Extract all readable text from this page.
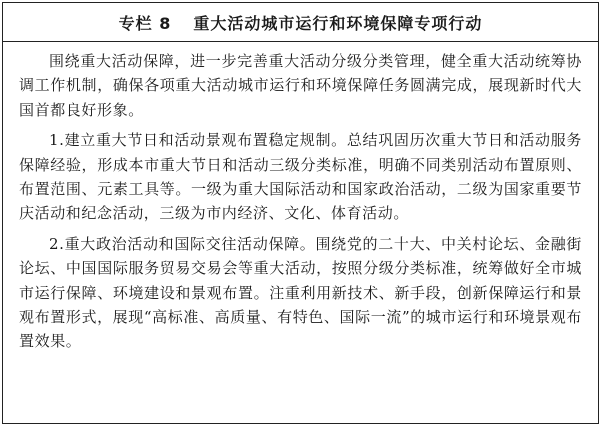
专栏 8 重大活动城市运行和环境保障专项行动

围绕重大活动保障，进一步完善重大活动分级分类管理，健全重大活动统筹协调工作机制，确保各项重大活动城市运行和环境保障任务圆满完成，展现新时代大国首都良好形象。

1.建立重大节日和活动景观布置稳定规制。总结巩固历次重大节日和活动服务保障经验，形成本市重大节日和活动三级分类标准，明确不同类别活动布置原则、布置范围、元素工具等。一级为重大国际活动和国家政治活动，二级为国家重要节庆活动和纪念活动，三级为市内经济、文化、体育活动。

2.重大政治活动和国际交往活动保障。围绕党的二十大、中关村论坛、金融街论坛、中国国际服务贸易交易会等重大活动，按照分级分类标准，统筹做好全市城市运行保障、环境建设和景观布置。注重利用新技术、新手段，创新保障运行和景观布置形式，展现“高标准、高质量、有特色、国际一流”的城市运行和环境景观布置效果。
